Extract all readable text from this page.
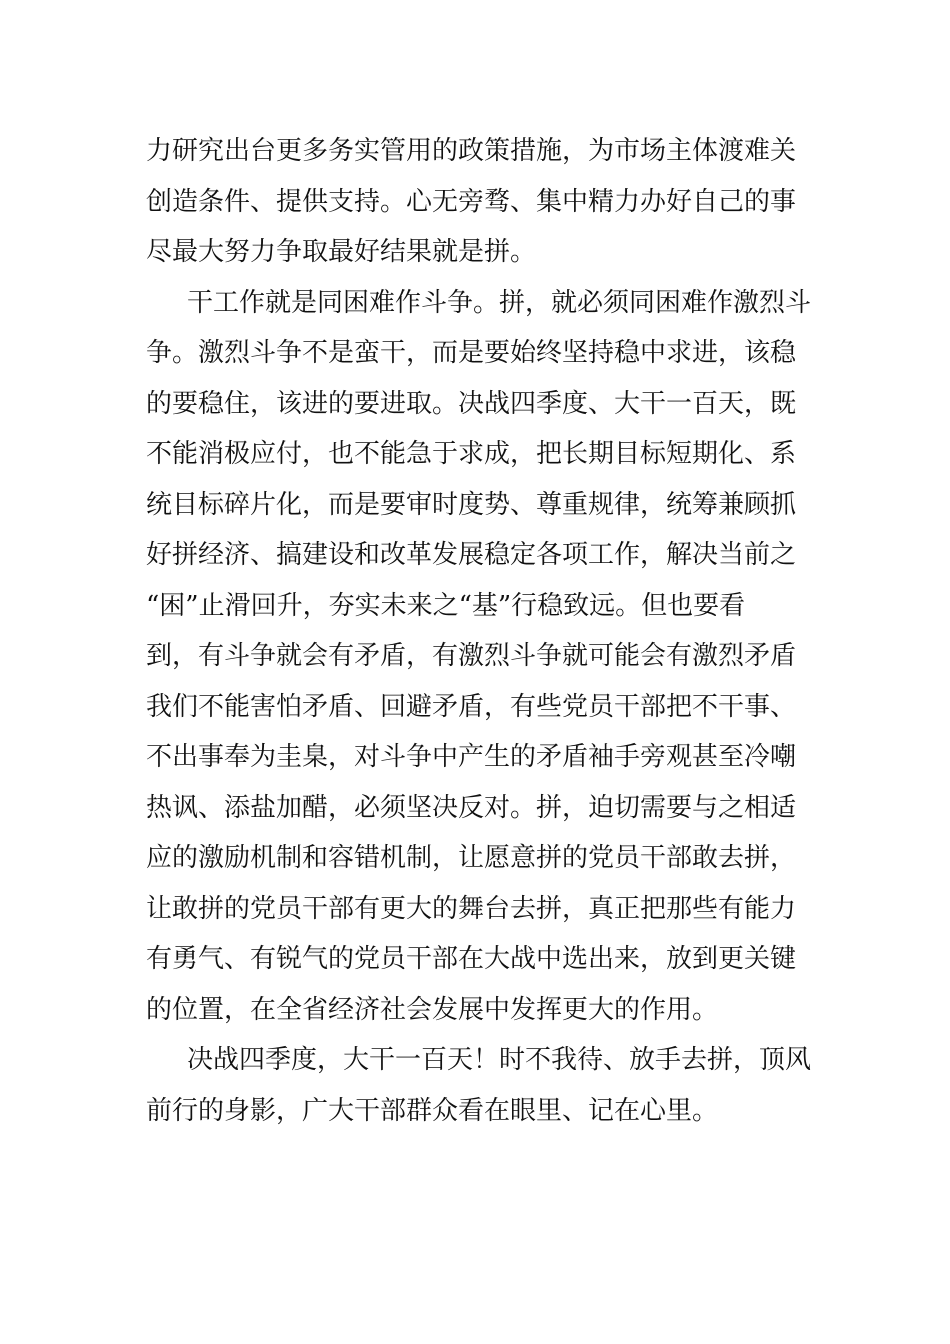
力研究出台更多务实管用的政策措施，为市场主体渡难关
创造条件、提供支持。心无旁骛、集中精力办好自己的事
尽最大努力争取最好结果就是拼。
干工作就是同困难作斗争。拼，就必须同困难作激烈斗
争。激烈斗争不是蛮干，而是要始终坚持稳中求进，该稳
的要稳住，该进的要进取。决战四季度、大干一百天，既
不能消极应付，也不能急于求成，把长期目标短期化、系
统目标碎片化，而是要审时度势、尊重规律，统筹兼顾抓
好拼经济、搞建设和改革发展稳定各项工作，解决当前之
“困”止滑回升，夯实未来之“基”行稳致远。但也要看
到，有斗争就会有矛盾，有激烈斗争就可能会有激烈矛盾
我们不能害怕矛盾、回避矛盾，有些党员干部把不干事、
不出事奉为圭臬，对斗争中产生的矛盾袖手旁观甚至冷嘲
热讽、添盐加醋，必须坚决反对。拼，迫切需要与之相适
应的激励机制和容错机制，让愿意拼的党员干部敢去拼，
让敢拼的党员干部有更大的舞台去拼，真正把那些有能力
有勇气、有锐气的党员干部在大战中选出来，放到更关键
的位置，在全省经济社会发展中发挥更大的作用。
决战四季度，大干一百天！时不我待、放手去拼，顶风
前行的身影，广大干部群众看在眼里、记在心里。
